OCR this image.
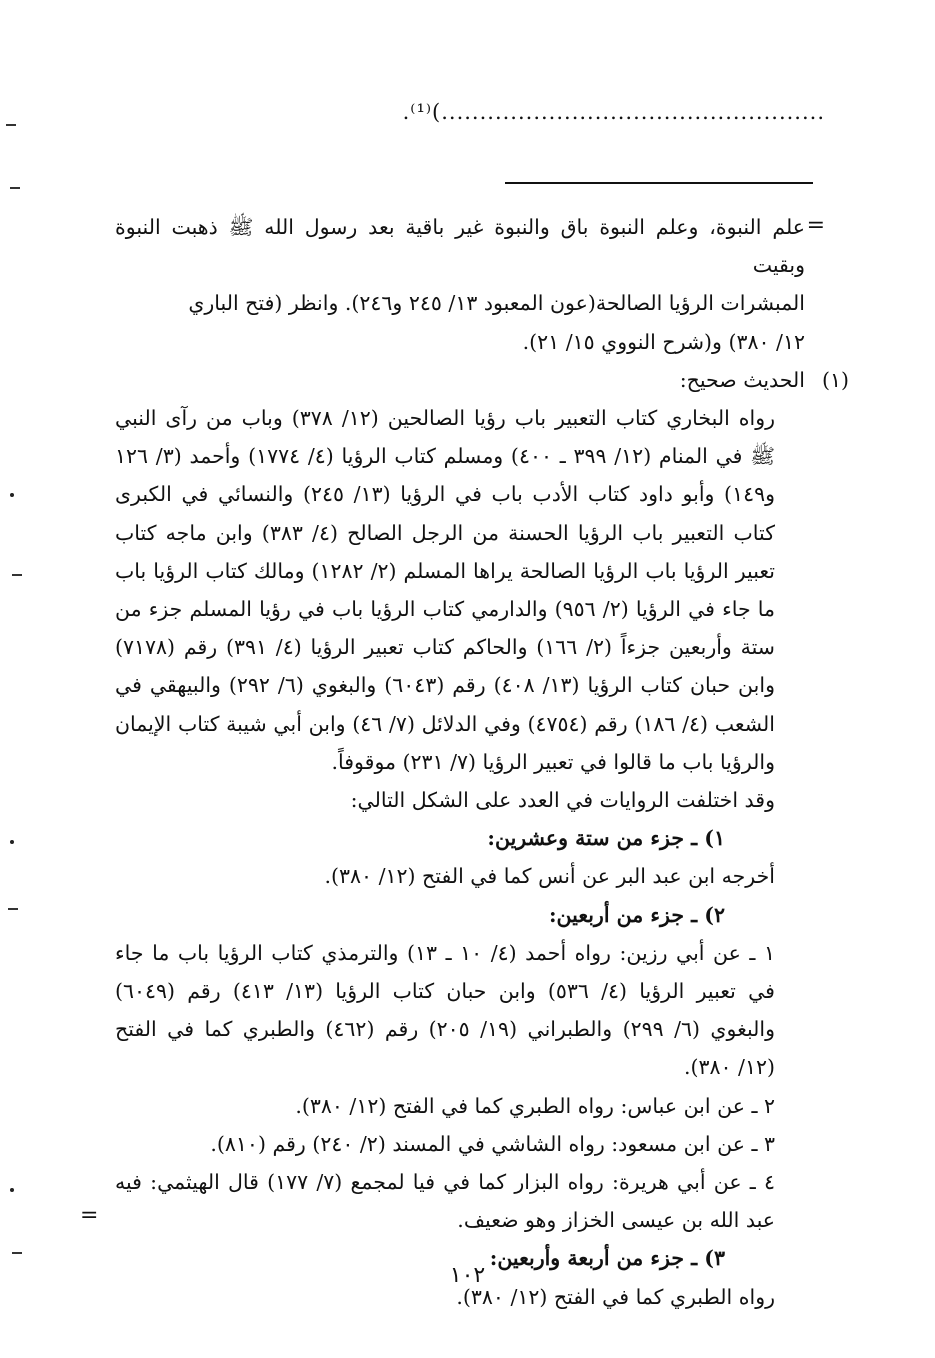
..................................................)⁽¹⁾.
=

علم النبوة، وعلم النبوة باق والنبوة غير باقية بعد رسول الله ﷺ ذهبت النبوة وبقيت

المبشرات الرؤيا الصالحة(عون المعبود ١٣/ ٢٤٥ و٢٤٦). وانظر (فتح الباري

١٢/ ٣٨٠) و(شرح النووي ١٥/ ٢١).

(١)
الحديث صحيح:

رواه البخاري كتاب التعبير باب رؤيا الصالحين (١٢/ ٣٧٨) وباب من رآى النبي ﷺ في المنام (١٢/ ٣٩٩ ـ ٤٠٠) ومسلم كتاب الرؤيا (٤/ ١٧٧٤) وأحمد (٣/ ١٢٦ و١٤٩) وأبو داود كتاب الأدب باب في الرؤيا (١٣/ ٢٤٥) والنسائي في الكبرى كتاب التعبير باب الرؤيا الحسنة من الرجل الصالح (٤/ ٣٨٣) وابن ماجه كتاب تعبير الرؤيا باب الرؤيا الصالحة يراها المسلم (٢/ ١٢٨٢) ومالك كتاب الرؤيا باب ما جاء في الرؤيا (٢/ ٩٥٦) والدارمي كتاب الرؤيا باب في رؤيا المسلم جزء من ستة وأربعين جزءاً (٢/ ١٦٦) والحاكم كتاب تعبير الرؤيا (٤/ ٣٩١) رقم (٧١٧٨) وابن حبان كتاب الرؤيا (١٣/ ٤٠٨) رقم (٦٠٤٣) والبغوي (٦/ ٢٩٢) والبيهقي في الشعب (٤/ ١٨٦) رقم (٤٧٥٤) وفي الدلائل (٧/ ٤٦) وابن أبي شيبة كتاب الإيمان والرؤيا باب ما قالوا في تعبير الرؤيا (٧/ ٢٣١) موقوفاً.

وقد اختلفت الروايات في العدد على الشكل التالي:

١) ـ جزء من ستة وعشرين:

أخرجه ابن عبد البر عن أنس كما في الفتح (١٢/ ٣٨٠).

٢) ـ جزء من أربعين:

١ ـ عن أبي رزين: رواه أحمد (٤/ ١٠ ـ ١٣) والترمذي كتاب الرؤيا باب ما جاء في تعبير الرؤيا (٤/ ٥٣٦) وابن حبان كتاب الرؤيا (١٣/ ٤١٣) رقم (٦٠٤٩) والبغوي (٦/ ٢٩٩) والطبراني (١٩/ ٢٠٥) رقم (٤٦٢) والطبري كما في الفتح (١٢/ ٣٨٠).

٢ ـ عن ابن عباس: رواه الطبري كما في الفتح (١٢/ ٣٨٠).

٣ ـ عن ابن مسعود: رواه الشاشي في المسند (٢/ ٢٤٠) رقم (٨١٠).

٤ ـ عن أبي هريرة: رواه البزار كما في فيا لمجمع (٧/ ١٧٧) قال الهيثمي: فيه عبد الله بن عيسى الخزاز وهو ضعيف.

٣) ـ جزء من أربعة وأربعين:

رواه الطبري كما في الفتح (١٢/ ٣٨٠).

=
١٠٢
